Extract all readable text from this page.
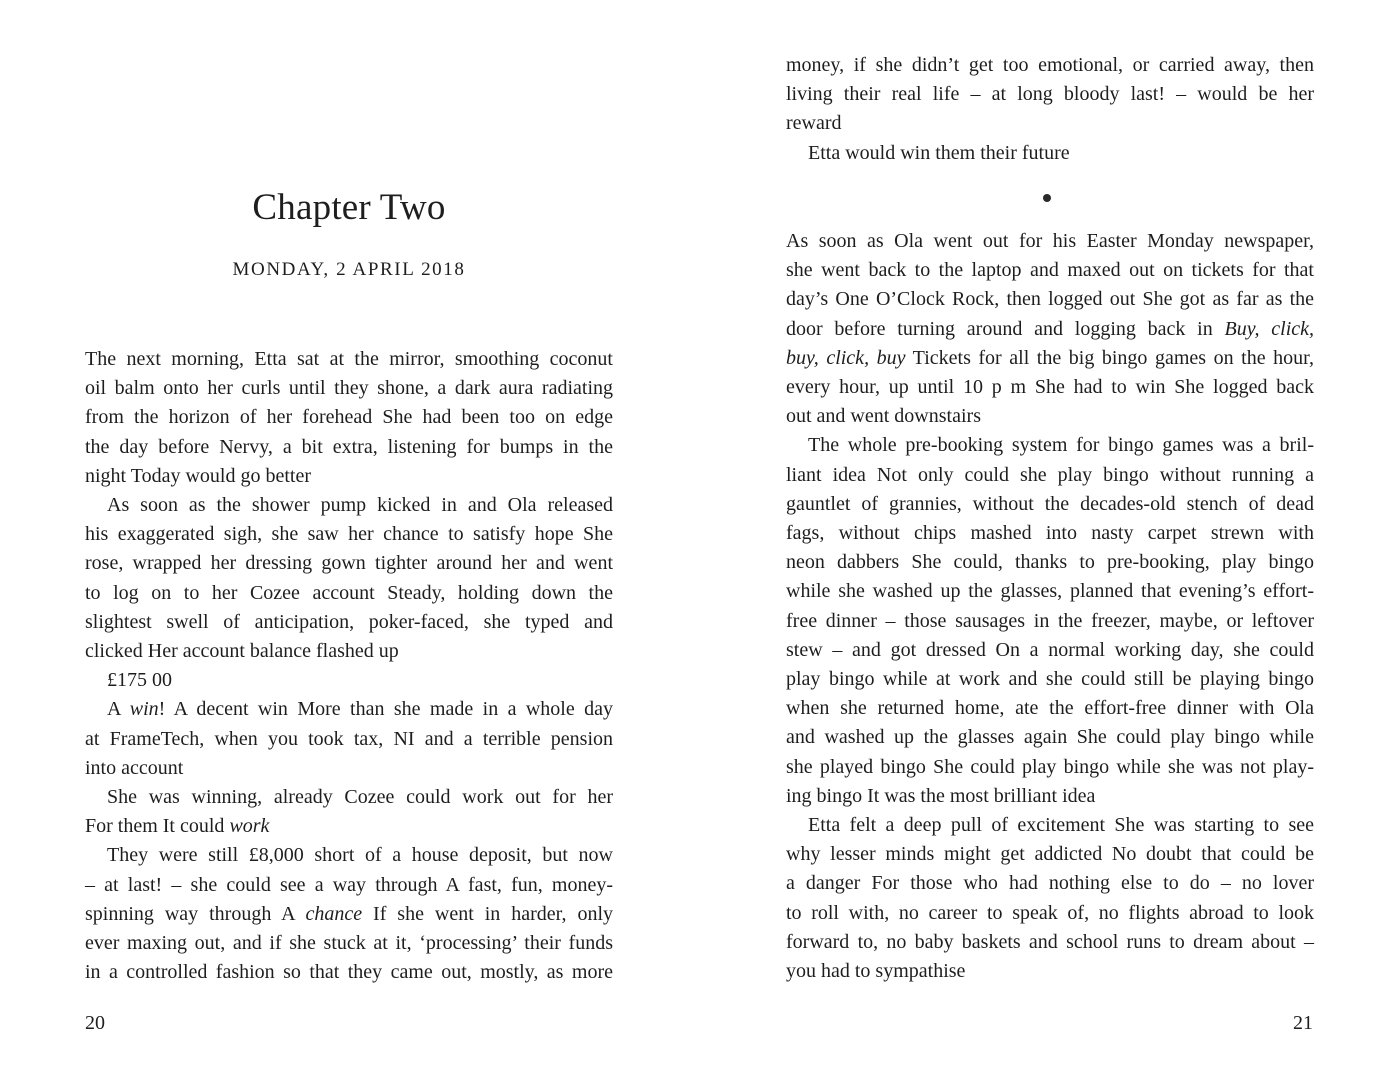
Chapter Two
MONDAY, 2 APRIL 2018
The next morning, Etta sat at the mirror, smoothing coconut
oil balm onto her curls until they shone, a dark aura radiating
from the horizon of her forehead She had been too on edge
the day before Nervy, a bit extra, listening for bumps in the
night Today would go better
As soon as the shower pump kicked in and Ola released
his exaggerated sigh, she saw her chance to satisfy hope She
rose, wrapped her dressing gown tighter around her and went
to log on to her Cozee account Steady, holding down the
slightest swell of anticipation, poker-faced, she typed and
clicked Her account balance flashed up
£175 00
A win! A decent win More than she made in a whole day
at FrameTech, when you took tax, NI and a terrible pension
into account
She was winning, already Cozee could work out for her
For them It could work
They were still £8,000 short of a house deposit, but now
– at last! – she could see a way through A fast, fun, money-
spinning way through A chance If she went in harder, only
ever maxing out, and if she stuck at it, ‘processing’ their funds
in a controlled fashion so that they came out, mostly, as more
20
money, if she didn’t get too emotional, or carried away, then
living their real life – at long bloody last! – would be her
reward
Etta would win them their future
As soon as Ola went out for his Easter Monday newspaper,
she went back to the laptop and maxed out on tickets for that
day’s One O’Clock Rock, then logged out She got as far as the
door before turning around and logging back in Buy, click,
buy, click, buy Tickets for all the big bingo games on the hour,
every hour, up until 10 p m She had to win She logged back
out and went downstairs
The whole pre-booking system for bingo games was a bril-
liant idea Not only could she play bingo without running a
gauntlet of grannies, without the decades-old stench of dead
fags, without chips mashed into nasty carpet strewn with
neon dabbers She could, thanks to pre-booking, play bingo
while she washed up the glasses, planned that evening’s effort-
free dinner – those sausages in the freezer, maybe, or leftover
stew – and got dressed On a normal working day, she could
play bingo while at work and she could still be playing bingo
when she returned home, ate the effort-free dinner with Ola
and washed up the glasses again She could play bingo while
she played bingo She could play bingo while she was not play-
ing bingo It was the most brilliant idea
Etta felt a deep pull of excitement She was starting to see
why lesser minds might get addicted No doubt that could be
a danger For those who had nothing else to do – no lover
to roll with, no career to speak of, no flights abroad to look
forward to, no baby baskets and school runs to dream about –
you had to sympathise
21
